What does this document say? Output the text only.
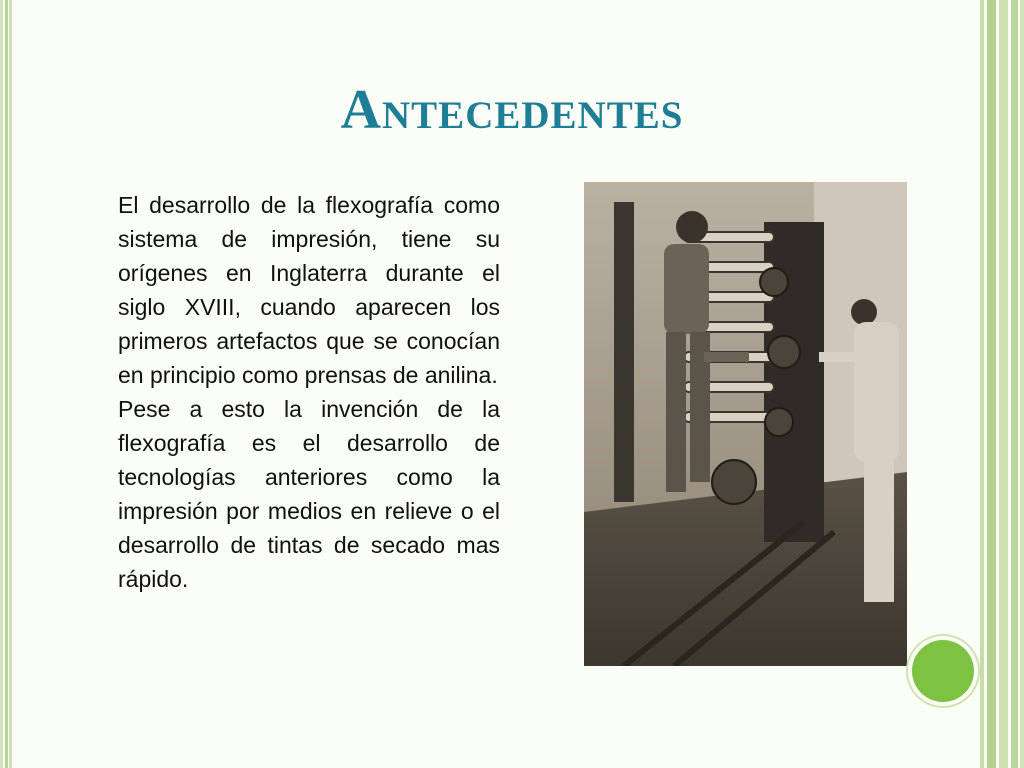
Antecedentes

El desarrollo de la flexografía como sistema de impresión, tiene su orígenes en Inglaterra durante el siglo XVIII, cuando aparecen los primeros artefactos que se conocían en principio como prensas de anilina.

Pese a esto la invención de la flexografía es el desarrollo de tecnologías anteriores como la impresión por medios en relieve o el desarrollo de tintas de secado mas rápido.
